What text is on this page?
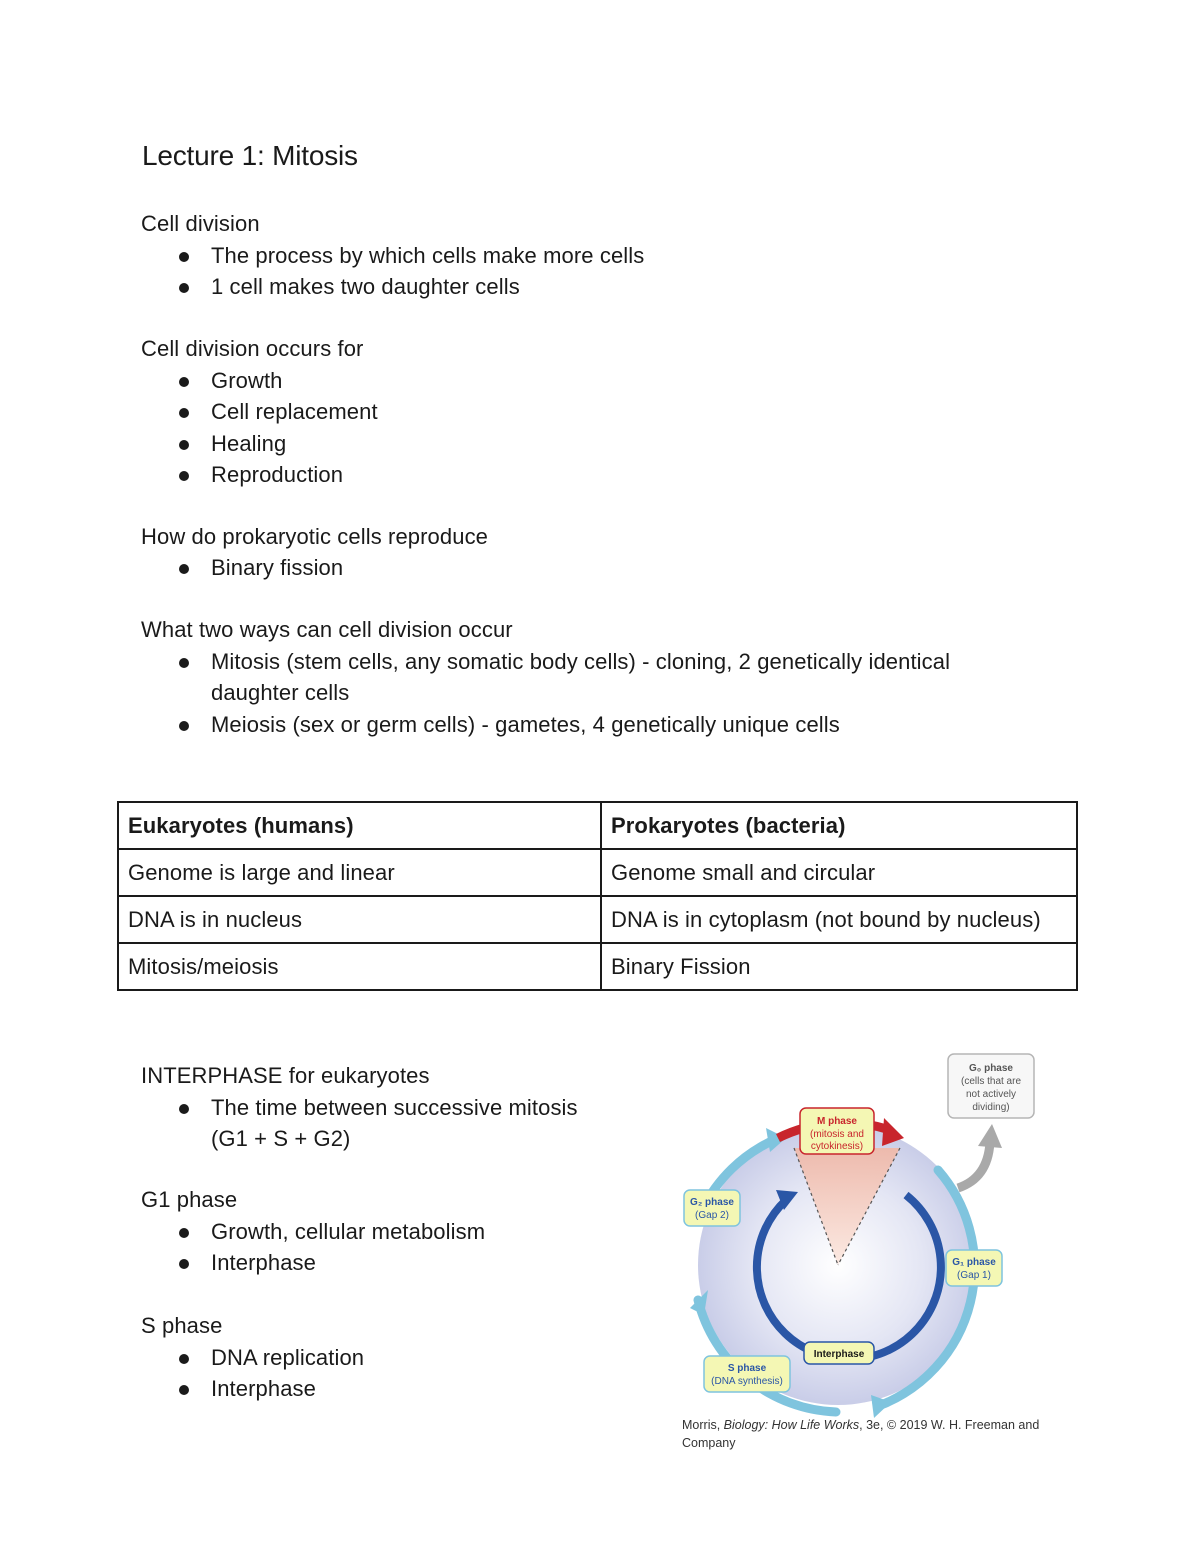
Lecture 1: Mitosis

Cell division

The process by which cells make more cells
1 cell makes two daughter cells

Cell division occurs for

Growth
Cell replacement
Healing
Reproduction

How do prokaryotic cells reproduce

Binary fission

What two ways can cell division occur

Mitosis (stem cells, any somatic body cells) - cloning, 2 genetically identical daughter cells
Meiosis (sex or germ cells) - gametes, 4 genetically unique cells
Eukaryotes (humans)	Prokaryotes (bacteria)
Genome is large and linear	Genome small and circular
DNA is in nucleus	DNA is in cytoplasm (not bound by nucleus)
Mitosis/meiosis	Binary Fission

INTERPHASE for eukaryotes

The time between successive mitosis (G1 + S + G2)

G1 phase

Growth, cellular metabolism
Interphase

S phase

DNA replication
Interphase
M phase
(mitosis and
cytokinesis)
G₀ phase
(cells that are
not actively
dividing)
G₂ phase
(Gap 2)
G₁ phase
(Gap 1)
S phase
(DNA synthesis)
Interphase
Morris, Biology: How Life Works, 3e, © 2019 W. H. Freeman and Company
